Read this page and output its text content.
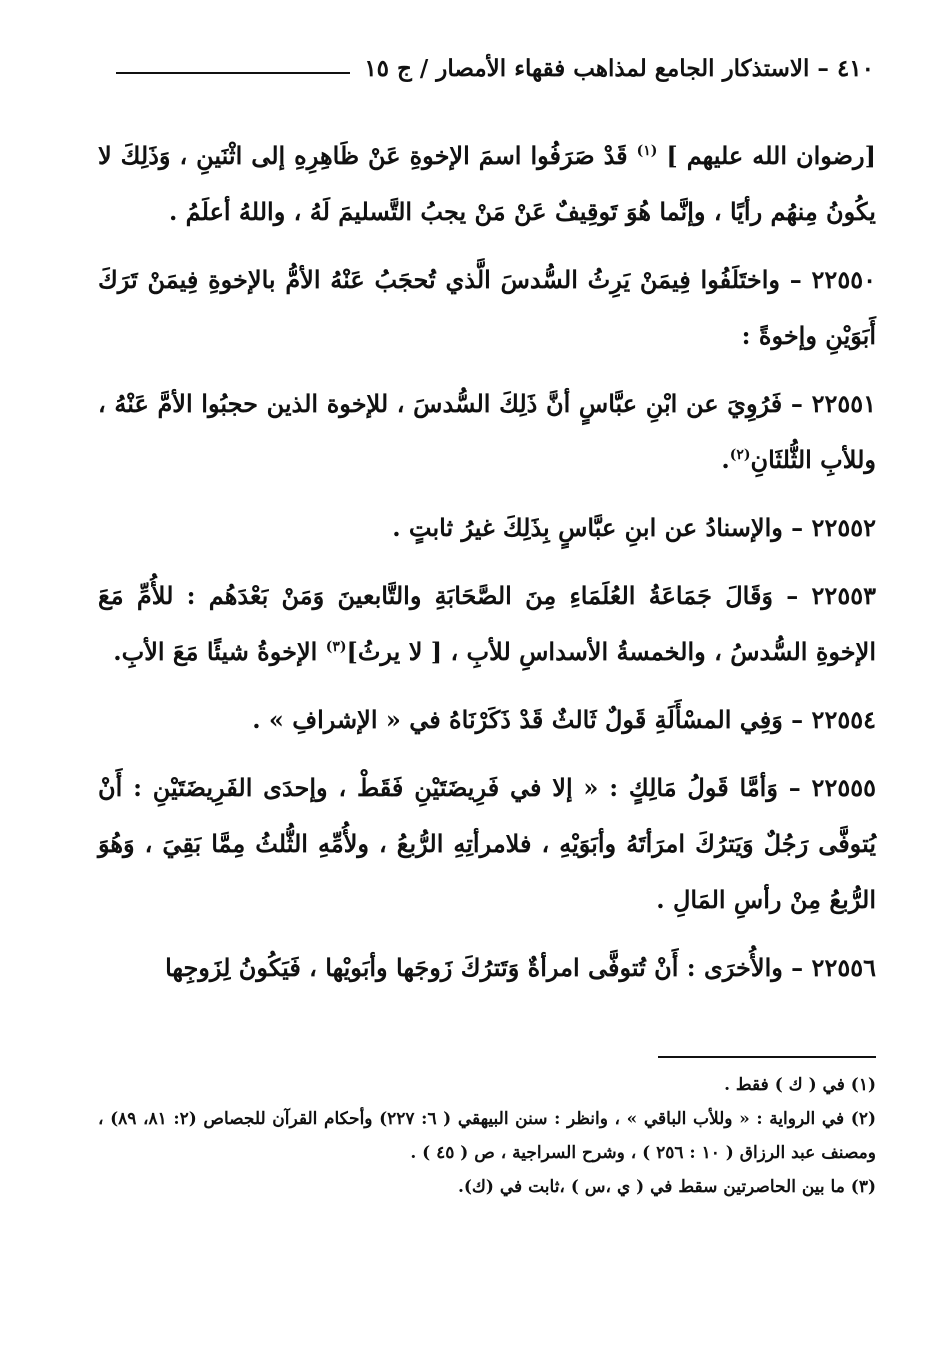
٤١٠ – الاستذكار الجامع لمذاهب فقهاء الأمصار / ج ١٥

[رضوان الله عليهم ] $^{(١)}$ قَدْ صَرَفُوا اسمَ الإخوةِ عَنْ ظَاهِرِهِ إلى اثْنَينِ ، وَذَلِكَ لا يكُونُ مِنهُم رأيًا ، وإنَّما هُوَ تَوقِيفٌ عَنْ مَنْ يجبُ التَّسليمَ لَهُ ، واللهُ أعلَمُ .

٢٢٥٥٠ – واختَلَفُوا فِيمَنْ يَرِثُ السُّدسَ الَّذي تُحجَبُ عَنْهُ الأمُّ بالإخوةِ فِيمَنْ تَرَكَ أَبَوَيْنِ وإخوةً :

٢٢٥٥١ – فَرُوِيَ عن ابْنِ عبَّاسٍ أنَّ ذَلِكَ السُّدسَ ، للإخوة الذين حجبُوا الأمَّ عَنْهُ ، وللأبِ الثُّلثَانِ$^{(٢)}$.

٢٢٥٥٢ – والإسنادُ عن ابنِ عبَّاسٍ بِذَلِكَ غيرُ ثابتٍ .

٢٢٥٥٣ – وَقَالَ جَمَاعَةُ العُلَمَاءِ مِنَ الصَّحَابَةِ والتَّابعينَ وَمَنْ بَعْدَهُم : للأُمِّ مَعَ الإخوةِ السُّدسُ ، والخمسةُ الأسداسِ للأبِ ، [ لا يرثُ]$^{(٣)}$ الإخوةُ شيئًا مَعَ الأبِ.

٢٢٥٥٤ – وَفِي المسْأَلَةِ قَولٌ ثَالثٌ قَدْ ذَكَرْنَاهُ في « الإشرافِ » .

٢٢٥٥٥ – وَأمَّا قَولُ مَالِكٍ : « إلا في فَرِيضَتَيْنِ فَقَطْ ، وإحدَى الفَرِيضَتَيْنِ : أَنْ يُتوفَّى رَجُلٌ وَيَترُكَ امرَأتَهُ وأبَوَيْهِ ، فلامرأتِهِ الرُّبعُ ، ولأُمِّهِ الثُّلثُ مِمَّا بَقِيَ ، وَهُوَ الرُّبعُ مِنْ رأسِ المَالِ .

٢٢٥٥٦ – والأُخرَى : أَنْ تُتوفَّى امرأةٌ وَتَترُكَ زَوجَها وأبَويْها ، فَيَكُونُ لِزَوجِها

(١) في ( ك ) فقط .

(٢) في الرواية : « وللأب الباقي » ، وانظر : سنن البيهقي ( ٦: ٢٢٧) وأحكام القرآن للجصاص (٢: ٨١، ٨٩) ، ومصنف عبد الرزاق ( ١٠ : ٢٥٦ ) ، وشرح السراجية ، ص ( ٤٥ ) .

(٣) ما بين الحاصرتين سقط في ( ي ،س ) ،ثابت في (ك).
